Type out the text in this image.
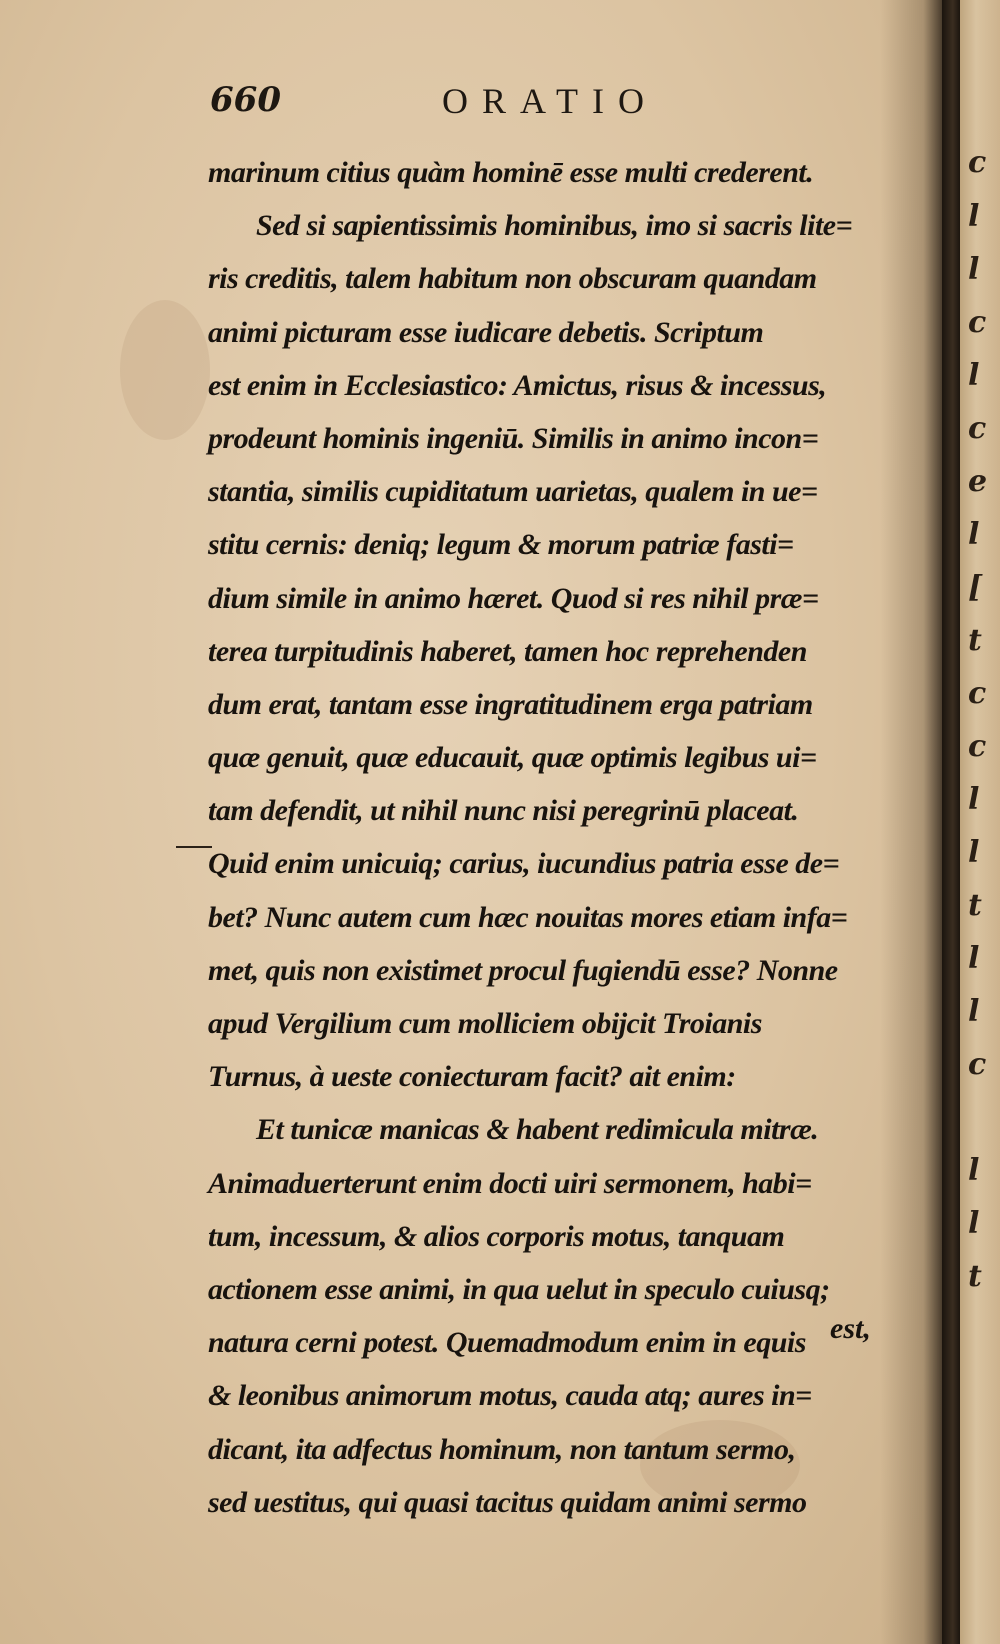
660	ORATIO
marinum citius quàm hominē esse multi crederent.
Sed si sapientissimis hominibus, imo si sacris lite=
ris creditis, talem habitum non obscuram quandam
animi picturam esse iudicare debetis. Scriptum
est enim in Ecclesiastico: Amictus, risus & incessus,
prodeunt hominis ingeniū. Similis in animo incon=
stantia, similis cupiditatum uarietas, qualem in ue=
stitu cernis: deniq; legum & morum patriæ fasti=
dium simile in animo hæret. Quod si res nihil præ=
terea turpitudinis haberet, tamen hoc reprehenden
dum erat, tantam esse ingratitudinem erga patriam
quæ genuit, quæ educauit, quæ optimis legibus ui=
tam defendit, ut nihil nunc nisi peregrinū placeat.
Quid enim unicuiq; carius, iucundius patria esse de=
bet? Nunc autem cum hæc nouitas mores etiam infa=
met, quis non existimet procul fugiendū esse? Nonne
apud Vergilium cum molliciem obijcit Troianis
Turnus, à ueste coniecturam facit? ait enim:
Et tunicæ manicas & habent redimicula mitræ.
Animaduerterunt enim docti uiri sermonem, habi=
tum, incessum, & alios corporis motus, tanquam
actionem esse animi, in qua uelut in speculo cuiusq;
natura cerni potest. Quemadmodum enim in equis
& leonibus animorum motus, cauda atq; aures in=
dicant, ita adfectus hominum, non tantum sermo,
sed uestitus, qui quasi tacitus quidam animi sermo
est,
c
l
l
c
l
c
e
l
[
t
c
c
l
l
t
l
l
c
l
l
t
